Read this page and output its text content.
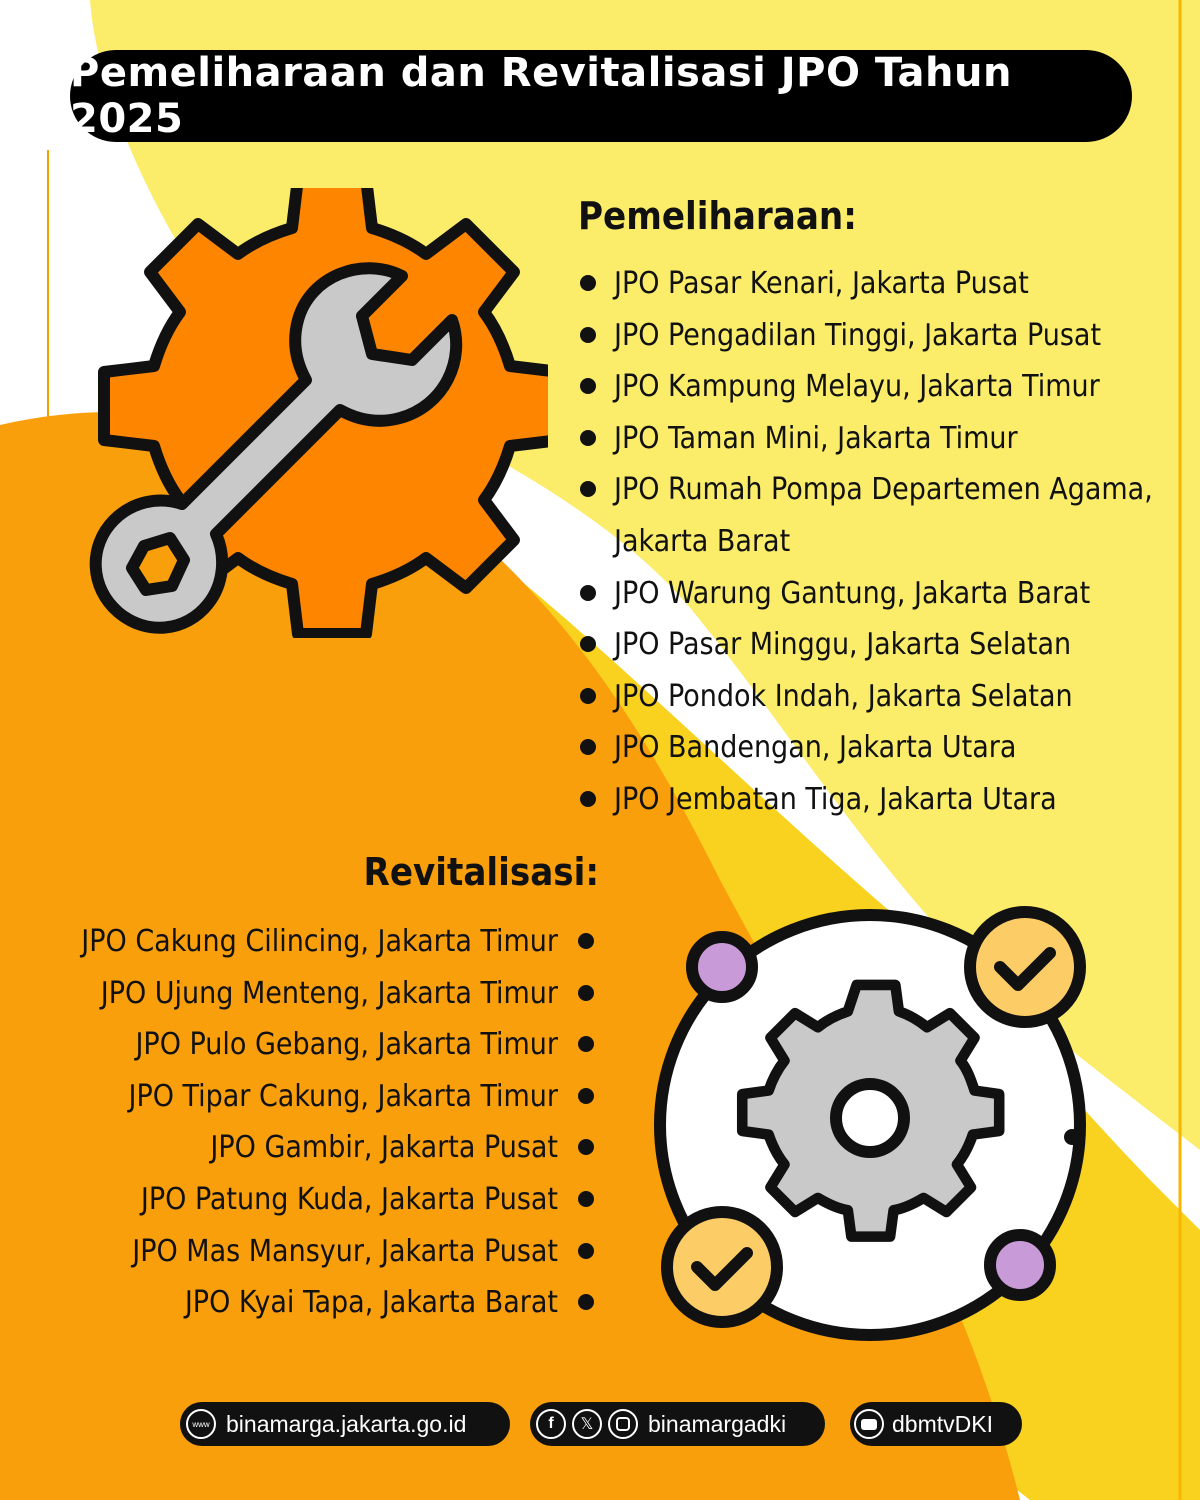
Pemeliharaan dan Revitalisasi JPO Tahun 2025
Pemeliharaan:
JPO Pasar Kenari, Jakarta Pusat
JPO Pengadilan Tinggi, Jakarta Pusat
JPO Kampung Melayu, Jakarta Timur
JPO Taman Mini, Jakarta Timur
JPO Rumah Pompa Departemen Agama, Jakarta Barat
JPO Warung Gantung, Jakarta Barat
JPO Pasar Minggu, Jakarta Selatan
JPO Pondok Indah, Jakarta Selatan
JPO Bandengan, Jakarta Utara
JPO Jembatan Tiga, Jakarta Utara
Revitalisasi:
JPO Cakung Cilincing, Jakarta Timur
JPO Ujung Menteng, Jakarta Timur
JPO Pulo Gebang, Jakarta Timur
JPO Tipar Cakung, Jakarta Timur
JPO Gambir, Jakarta Pusat
JPO Patung Kuda, Jakarta Pusat
JPO Mas Mansyur, Jakarta Pusat
JPO Kyai Tapa, Jakarta Barat
www binamarga.jakarta.go.id	f	𝕏	binamargadki	dbmtvDKI
